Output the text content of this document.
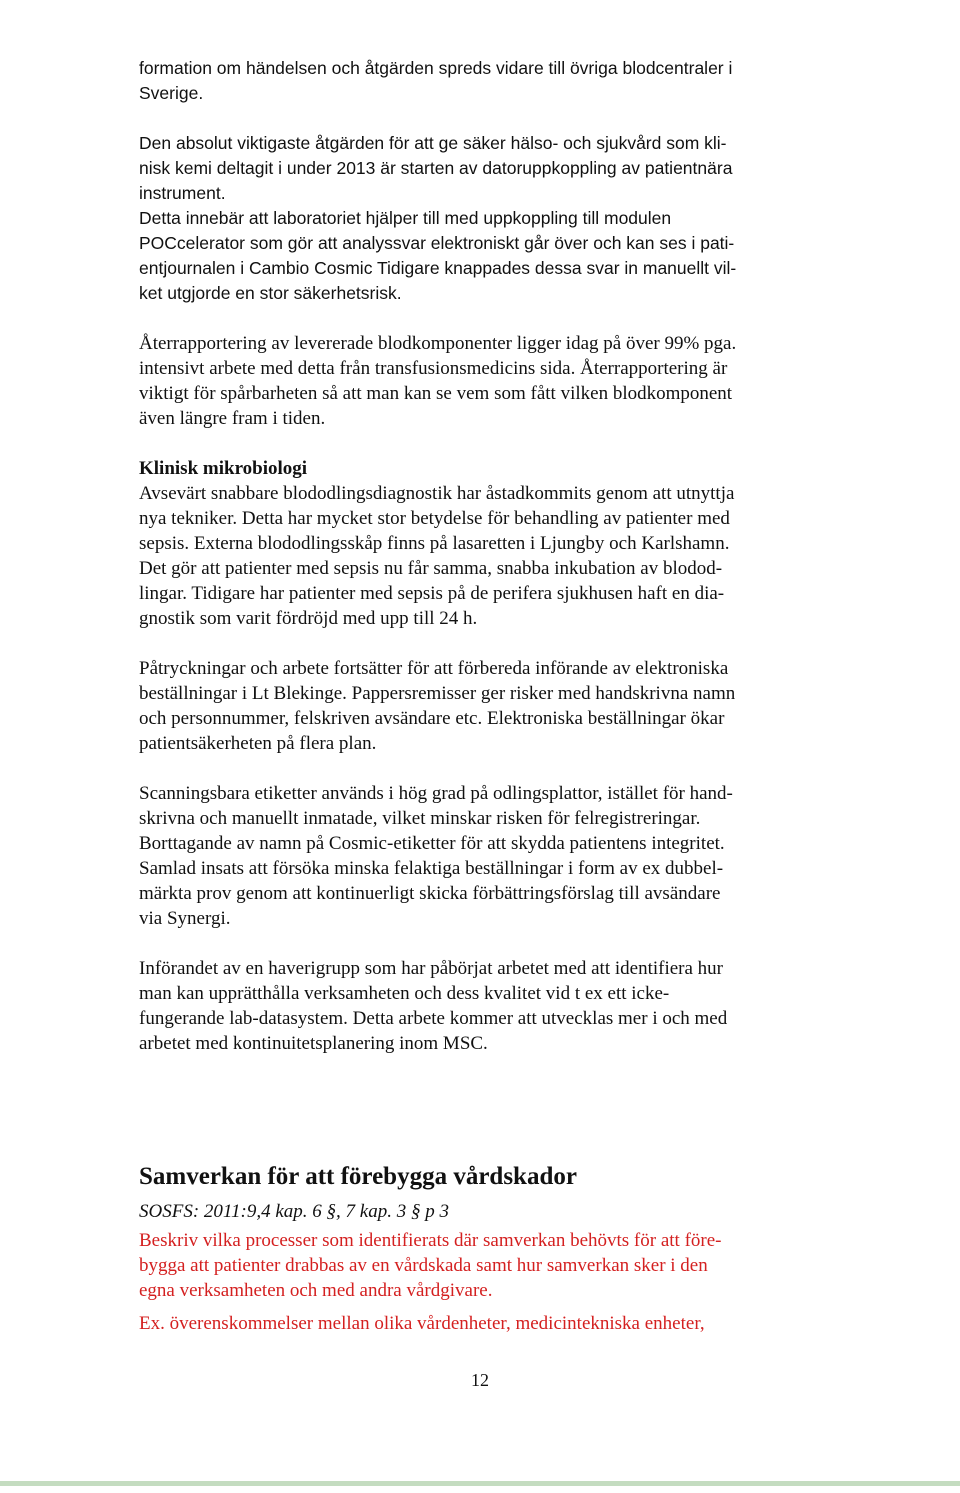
formation om händelsen och åtgärden spreds vidare till övriga blodcentraler i
Sverige.
Den absolut viktigaste åtgärden för att ge säker hälso- och sjukvård som kli-
nisk kemi deltagit i under 2013 är starten av datoruppkoppling av patientnära
instrument.
Detta innebär att laboratoriet hjälper till med uppkoppling till modulen
POCcelerator som gör att analyssvar elektroniskt går över och kan ses i pati-
entjournalen i Cambio Cosmic Tidigare knappades dessa svar in manuellt vil-
ket utgjorde en stor säkerhetsrisk.
Återrapportering av levererade blodkomponenter ligger idag på över 99% pga.
intensivt arbete med detta från transfusionsmedicins sida. Återrapportering är
viktigt för spårbarheten så att man kan se vem som fått vilken blodkomponent
även längre fram i tiden.
Klinisk mikrobiologi
Avsevärt snabbare blododlingsdiagnostik har åstadkommits genom att utnyttja
nya tekniker. Detta har mycket stor betydelse för behandling av patienter med
sepsis. Externa blododlingsskåp finns på lasaretten i Ljungby och Karlshamn.
Det gör att patienter med sepsis nu får samma, snabba inkubation av blodod-
lingar. Tidigare har patienter med sepsis på de perifera sjukhusen haft en dia-
gnostik som varit fördröjd med upp till 24 h.
Påtryckningar och arbete fortsätter för att förbereda införande av elektroniska
beställningar i Lt Blekinge. Pappersremisser ger risker med handskrivna namn
och personnummer, felskriven avsändare etc. Elektroniska beställningar ökar
patientsäkerheten på flera plan.
Scanningsbara etiketter används i hög grad på odlingsplattor, istället för hand-
skrivna och manuellt inmatade, vilket minskar risken för felregistreringar.
Borttagande av namn på Cosmic-etiketter för att skydda patientens integritet.
Samlad insats att försöka minska felaktiga beställningar i form av ex dubbel-
märkta prov genom att kontinuerligt skicka förbättringsförslag till avsändare
via Synergi.
Införandet av en haverigrupp som har påbörjat arbetet med att identifiera hur
man kan upprätthålla verksamheten och dess kvalitet vid t ex ett icke-
fungerande lab-datasystem. Detta arbete kommer att utvecklas mer i och med
arbetet med kontinuitetsplanering inom MSC.
Samverkan för att förebygga vårdskador
SOSFS: 2011:9,4 kap. 6 §, 7 kap. 3 § p 3
Beskriv vilka processer som identifierats där samverkan behövts för att före-
bygga att patienter drabbas av en vårdskada samt hur samverkan sker i den
egna verksamheten och med andra vårdgivare.
Ex. överenskommelser mellan olika vårdenheter, medicintekniska enheter,
12
